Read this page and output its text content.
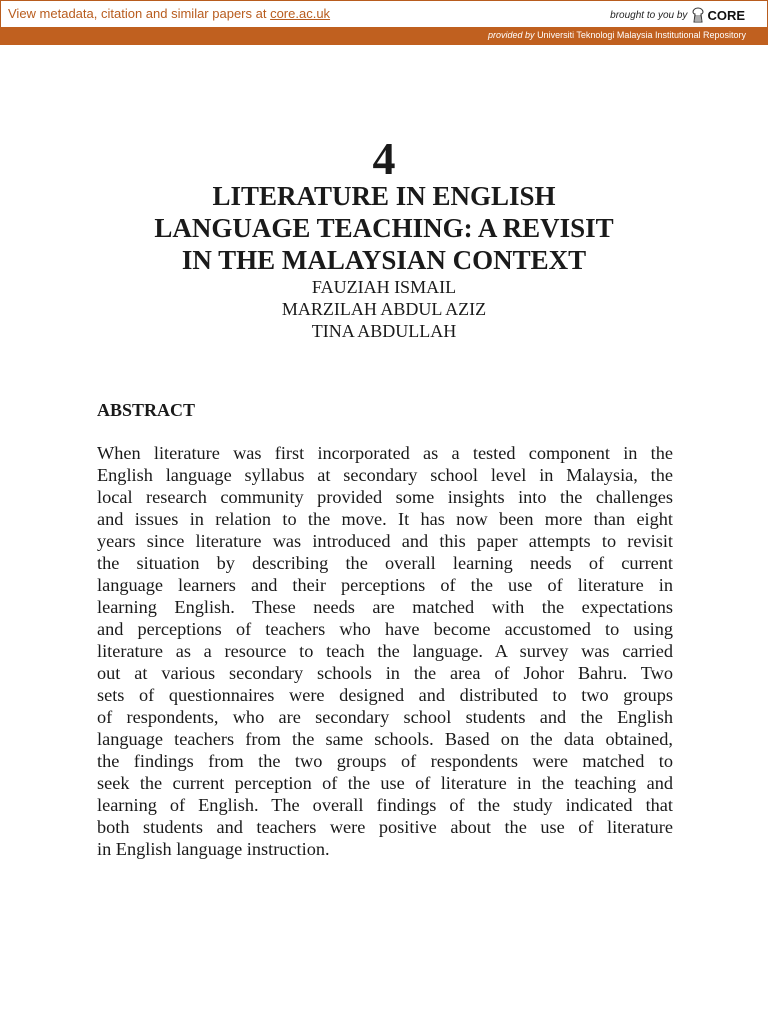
View metadata, citation and similar papers at core.ac.uk	brought to you by CORE
provided by Universiti Teknologi Malaysia Institutional Repository
4
LITERATURE IN ENGLISH
LANGUAGE TEACHING: A REVISIT
IN THE MALAYSIAN CONTEXT
FAUZIAH ISMAIL
MARZILAH ABDUL AZIZ
TINA ABDULLAH
ABSTRACT
When literature was first incorporated as a tested component in the
English language syllabus at secondary school level in Malaysia, the
local research community provided some insights into the challenges
and issues in relation to the move. It has now been more than eight
years since literature was introduced and this paper attempts to revisit
the situation by describing the overall learning needs of current
language learners and their perceptions of the use of literature in
learning English. These needs are matched with the expectations
and perceptions of teachers who have become accustomed to using
literature as a resource to teach the language. A survey was carried
out at various secondary schools in the area of Johor Bahru. Two
sets of questionnaires were designed and distributed to two groups
of respondents, who are secondary school students and the English
language teachers from the same schools. Based on the data obtained,
the findings from the two groups of respondents were matched to
seek the current perception of the use of literature in the teaching and
learning of English. The overall findings of the study indicated that
both students and teachers were positive about the use of literature
in English language instruction.
